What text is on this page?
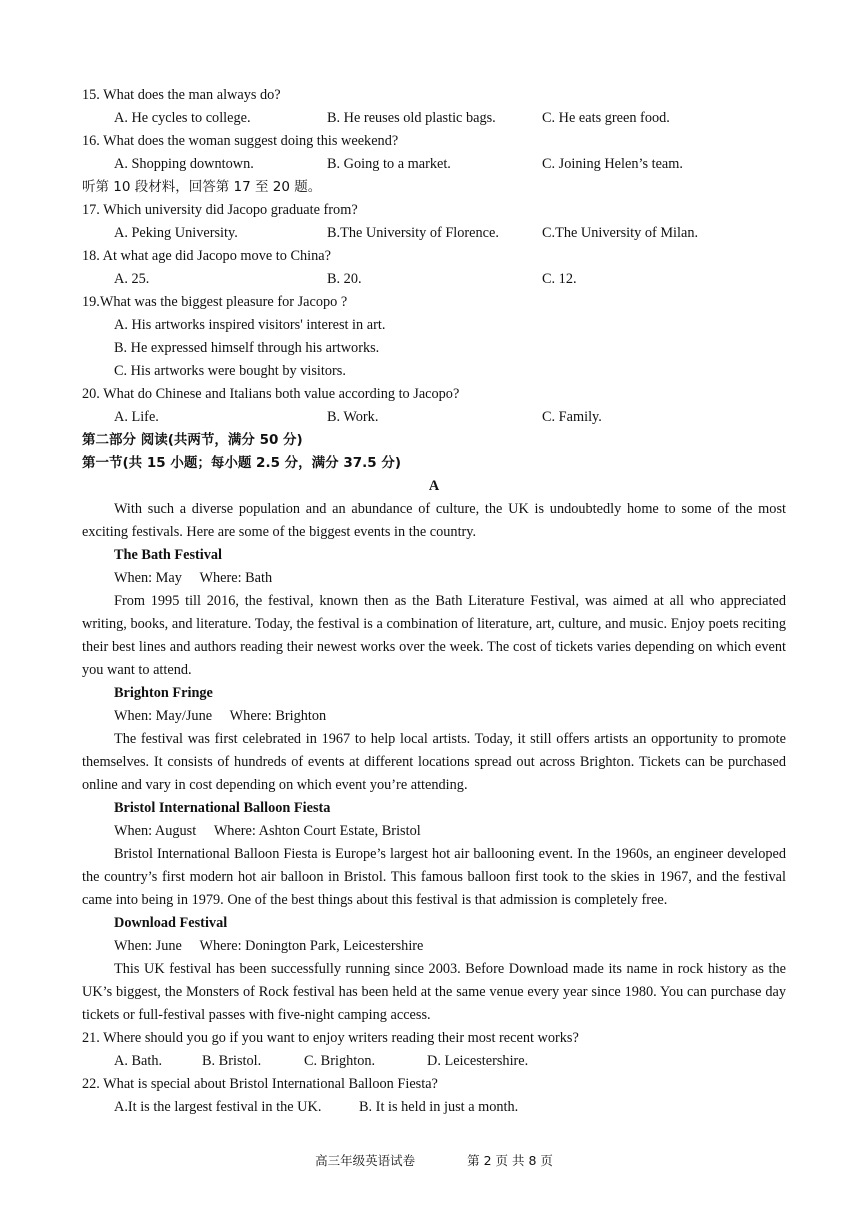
15. What does the man always do?
A. He cycles to college.	B. He reuses old plastic bags.	C. He eats green food.
16. What does the woman suggest doing this weekend?
A. Shopping downtown.	B. Going to a market.	C. Joining Helen’s team.
听第 10 段材料，回答第 17 至 20 题。
17. Which university did Jacopo graduate from?
A. Peking University.	B.The University of Florence.	C.The University of Milan.
18. At what age did Jacopo move to China?
A. 25.	B. 20.	C. 12.
19.What was the biggest pleasure for Jacopo ?
A. His artworks inspired visitors' interest in art.
B. He expressed himself through his artworks.
C. His artworks were bought by visitors.
20. What do Chinese and Italians both value according to Jacopo?
A. Life.	B. Work.	C. Family.
第二部分 阅读(共两节，满分 50 分)
第一节(共 15 小题；每小题 2.5 分，满分 37.5 分)
A

With such a diverse population and an abundance of culture, the UK is undoubtedly home to some of the most exciting festivals. Here are some of the biggest events in the country.

The Bath Festival
When: May     Where: Bath

From 1995 till 2016, the festival, known then as the Bath Literature Festival, was aimed at all who appreciated writing, books, and literature. Today, the festival is a combination of literature, art, culture, and music. Enjoy poets reciting their best lines and authors reading their newest works over the week. The cost of tickets varies depending on which event you want to attend.

Brighton Fringe
When: May/June     Where: Brighton

The festival was first celebrated in 1967 to help local artists. Today, it still offers artists an opportunity to promote themselves. It consists of hundreds of events at different locations spread out across Brighton. Tickets can be purchased online and vary in cost depending on which event you’re attending.

Bristol International Balloon Fiesta
When: August     Where: Ashton Court Estate, Bristol

Bristol International Balloon Fiesta is Europe’s largest hot air ballooning event. In the 1960s, an engineer developed the country’s first modern hot air balloon in Bristol. This famous balloon first took to the skies in 1967, and the festival came into being in 1979. One of the best things about this festival is that admission is completely free.

Download Festival
When: June     Where: Donington Park, Leicestershire

This UK festival has been successfully running since 2003. Before Download made its name in rock history as the UK’s biggest, the Monsters of Rock festival has been held at the same venue every year since 1980. You can purchase day tickets or full-festival passes with five-night camping access.

21. Where should you go if you want to enjoy writers reading their most recent works?
A. Bath.	B. Bristol.	C. Brighton.	D. Leicestershire.
22. What is special about Bristol International Balloon Fiesta?
A.It is the largest festival in the UK.	B. It is held in just a month.
高三年级英语试卷	第 2 页 共 8 页
